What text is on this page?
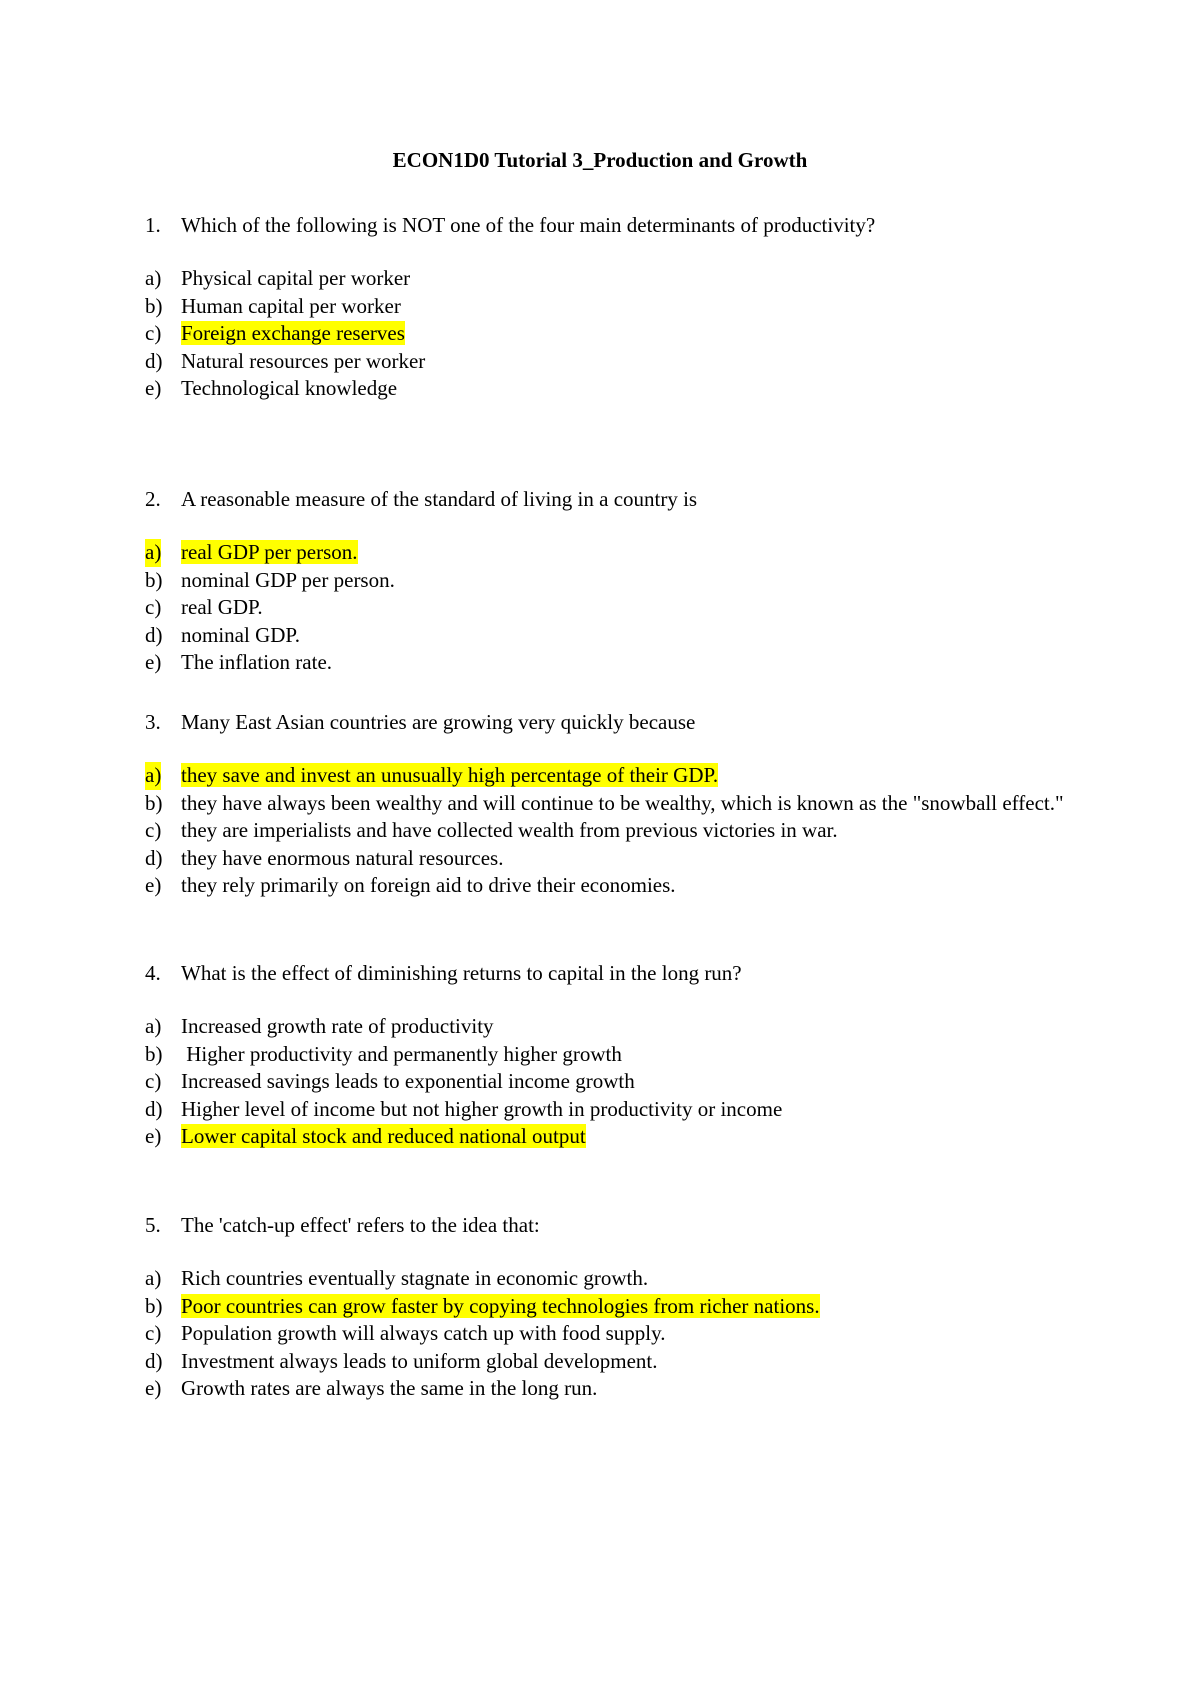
ECON1D0 Tutorial 3_Production and Growth
1. Which of the following is NOT one of the four main determinants of productivity?
a) Physical capital per worker
b) Human capital per worker
c) Foreign exchange reserves
d) Natural resources per worker
e) Technological knowledge
2. A reasonable measure of the standard of living in a country is
a) real GDP per person.
b) nominal GDP per person.
c) real GDP.
d) nominal GDP.
e) The inflation rate.
3. Many East Asian countries are growing very quickly because
a) they save and invest an unusually high percentage of their GDP.
b) they have always been wealthy and will continue to be wealthy, which is known as the "snowball effect."
c) they are imperialists and have collected wealth from previous victories in war.
d) they have enormous natural resources.
e) they rely primarily on foreign aid to drive their economies.
4. What is the effect of diminishing returns to capital in the long run?
a) Increased growth rate of productivity
b) Higher productivity and permanently higher growth
c) Increased savings leads to exponential income growth
d) Higher level of income but not higher growth in productivity or income
e) Lower capital stock and reduced national output
5. The 'catch-up effect' refers to the idea that:
a) Rich countries eventually stagnate in economic growth.
b) Poor countries can grow faster by copying technologies from richer nations.
c) Population growth will always catch up with food supply.
d) Investment always leads to uniform global development.
e) Growth rates are always the same in the long run.
